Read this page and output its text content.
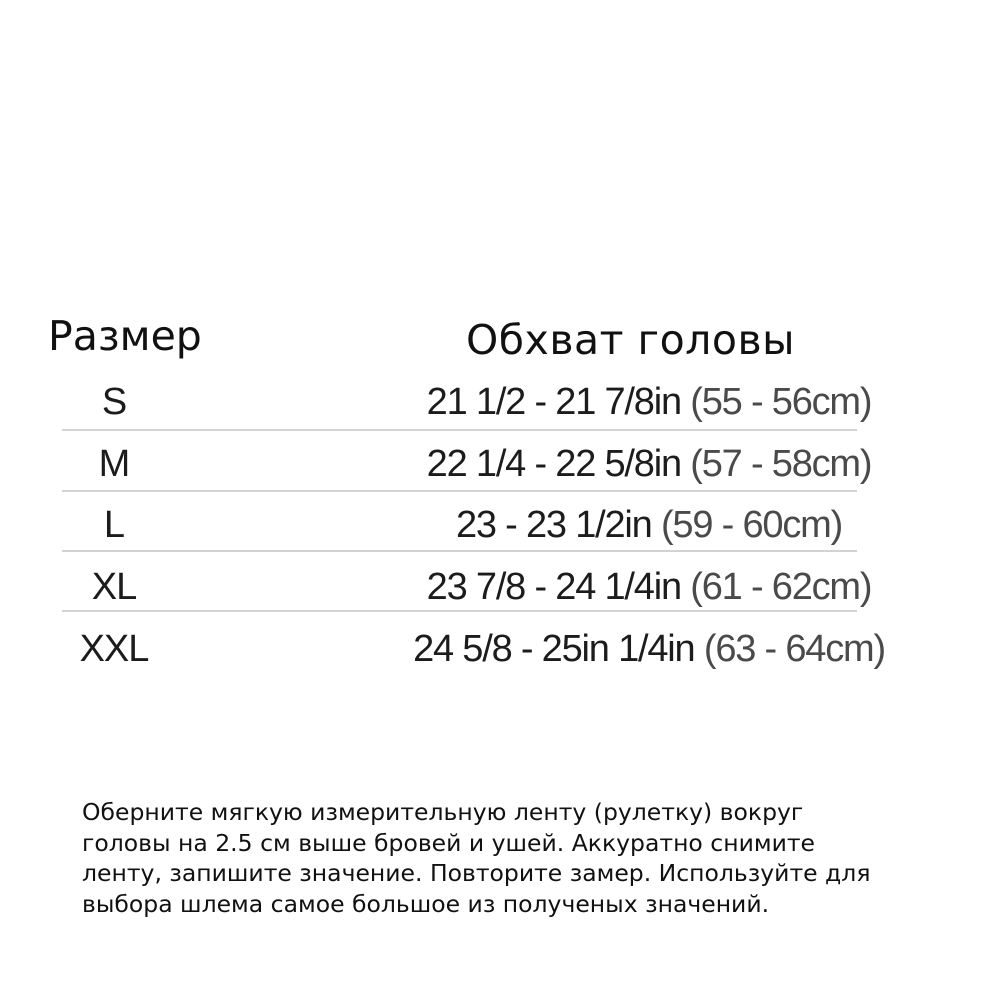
Размер	Обхват головы
S	21 1/2 - 21 7/8in (55 - 56cm)
M	22 1/4 - 22 5/8in (57 - 58cm)
L	23 - 23 1/2in (59 - 60cm)
XL	23 7/8 - 24 1/4in (61 - 62cm)
XXL	24 5/8 - 25in 1/4in (63 - 64cm)
Оберните мягкую измерительную ленту (рулетку) вокруг
головы на 2.5 см выше бровей и ушей. Аккуратно снимите
ленту, запишите значение. Повторите замер. Используйте для
выбора шлема самое большое из полученых значений.
